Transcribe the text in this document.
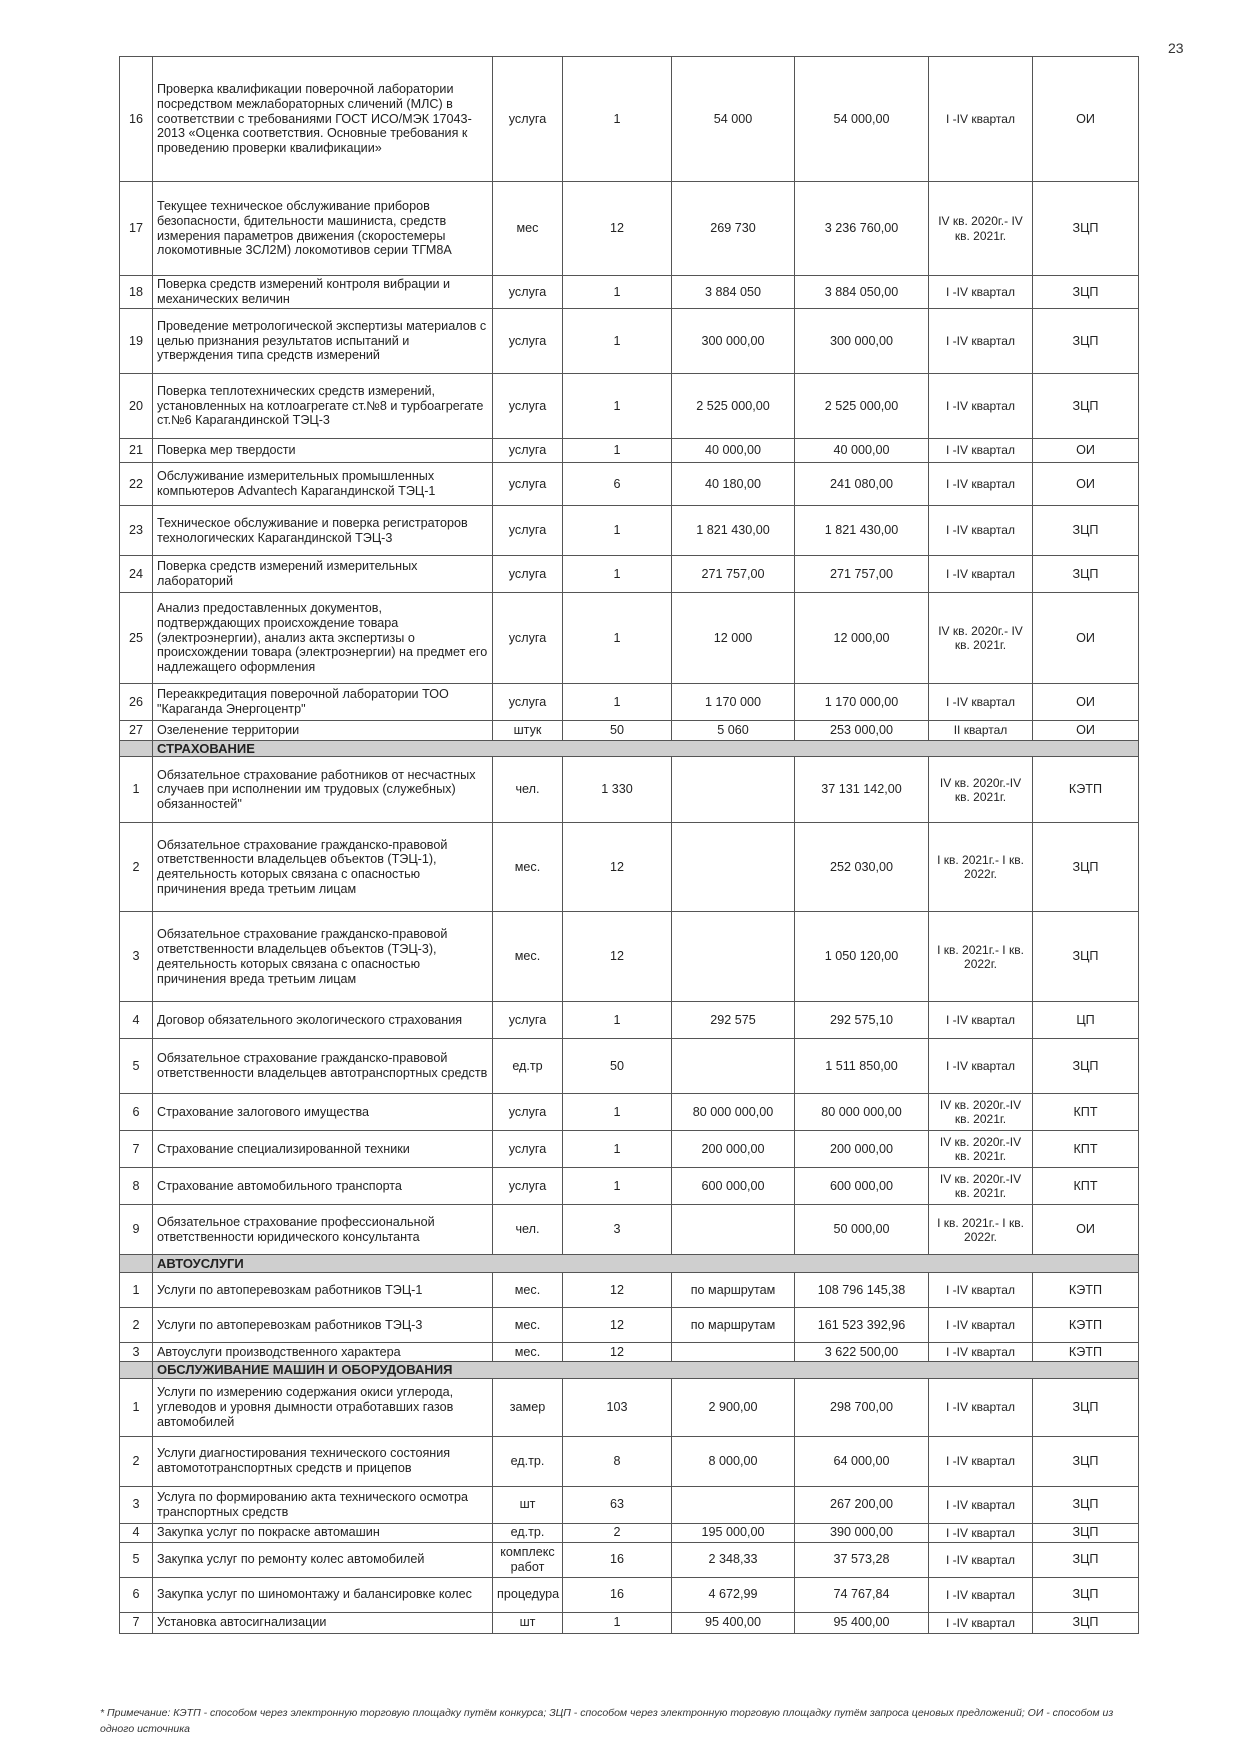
23
16	Проверка квалификации поверочной лаборатории посредством межлабораторных сличений (МЛС) в соответствии с требованиями ГОСТ ИСО/МЭК 17043-2013 «Оценка соответствия. Основные требования к проведению проверки квалификации»	услуга	1	54 000	54 000,00	I -IV квартал	ОИ
17	Текущее техническое обслуживание приборов безопасности, бдительности машиниста, средств измерения параметров движения (скоростемеры локомотивные 3СЛ2М) локомотивов серии ТГМ8А	мес	12	269 730	3 236 760,00	IV кв. 2020г.- IV кв. 2021г.	ЗЦП
18	Поверка средств измерений контроля вибрации и механических величин	услуга	1	3 884 050	3 884 050,00	I -IV квартал	ЗЦП
19	Проведение метрологической экспертизы материалов с целью признания результатов испытаний и утверждения типа средств измерений	услуга	1	300 000,00	300 000,00	I -IV квартал	ЗЦП
20	Поверка теплотехнических средств измерений, установленных на котлоагрегате ст.№8 и турбоагрегате ст.№6 Карагандинской ТЭЦ-3	услуга	1	2 525 000,00	2 525 000,00	I -IV квартал	ЗЦП
21	Поверка мер твердости	услуга	1	40 000,00	40 000,00	I -IV квартал	ОИ
22	Обслуживание измерительных промышленных компьютеров Advantech Карагандинской ТЭЦ-1	услуга	6	40 180,00	241 080,00	I -IV квартал	ОИ
23	Техническое обслуживание и поверка регистраторов технологических Карагандинской ТЭЦ-3	услуга	1	1 821 430,00	1 821 430,00	I -IV квартал	ЗЦП
24	Поверка средств измерений измерительных лабораторий	услуга	1	271 757,00	271 757,00	I -IV квартал	ЗЦП
25	Анализ предоставленных документов, подтверждающих происхождение товара (электроэнергии), анализ акта экспертизы о происхождении товара (электроэнергии) на предмет его надлежащего оформления	услуга	1	12 000	12 000,00	IV кв. 2020г.- IV кв. 2021г.	ОИ
26	Переаккредитация поверочной лаборатории ТОО "Караганда Энергоцентр"	услуга	1	1 170 000	1 170 000,00	I -IV квартал	ОИ
27	Озеленение территории	штук	50	5 060	253 000,00	II квартал	ОИ
	СТРАХОВАНИЕ						
1	Обязательное страхование работников от несчастных случаев при исполнении им трудовых (служебных) обязанностей"	чел.	1 330		37 131 142,00	IV кв. 2020г.-IV кв. 2021г.	КЭТП
2	Обязательное страхование гражданско-правовой ответственности владельцев объектов (ТЭЦ-1), деятельность которых связана с опасностью причинения вреда третьим лицам	мес.	12		252 030,00	I кв. 2021г.- I кв. 2022г.	ЗЦП
3	Обязательное страхование гражданско-правовой ответственности владельцев объектов (ТЭЦ-3), деятельность которых связана с опасностью причинения вреда третьим лицам	мес.	12		1 050 120,00	I кв. 2021г.- I кв. 2022г.	ЗЦП
4	Договор обязательного экологического страхования	услуга	1	292 575	292 575,10	I -IV квартал	ЦП
5	Обязательное страхование гражданско-правовой ответственности владельцев автотранспортных средств	ед.тр	50		1 511 850,00	I -IV квартал	ЗЦП
6	Страхование залогового имущества	услуга	1	80 000 000,00	80 000 000,00	IV кв. 2020г.-IV кв. 2021г.	КПТ
7	Страхование специализированной техники	услуга	1	200 000,00	200 000,00	IV кв. 2020г.-IV кв. 2021г.	КПТ
8	Страхование автомобильного транспорта	услуга	1	600 000,00	600 000,00	IV кв. 2020г.-IV кв. 2021г.	КПТ
9	Обязательное страхование профессиональной ответственности юридического консультанта	чел.	3		50 000,00	I кв. 2021г.- I кв. 2022г.	ОИ
	АВТОУСЛУГИ						
1	Услуги по автоперевозкам работников ТЭЦ-1	мес.	12	по маршрутам	108 796 145,38	I -IV квартал	КЭТП
2	Услуги по автоперевозкам работников ТЭЦ-3	мес.	12	по маршрутам	161 523 392,96	I -IV квартал	КЭТП
3	Автоуслуги производственного характера	мес.	12		3 622 500,00	I -IV квартал	КЭТП
	ОБСЛУЖИВАНИЕ МАШИН И ОБОРУДОВАНИЯ						
1	Услуги по измерению содержания окиси углерода, углеводов и уровня дымности отработавших газов автомобилей	замер	103	2 900,00	298 700,00	I -IV квартал	ЗЦП
2	Услуги диагностирования технического состояния автомототранспортных средств и прицепов	ед.тр.	8	8 000,00	64 000,00	I -IV квартал	ЗЦП
3	Услуга по формированию акта технического осмотра транспортных средств	шт	63		267 200,00	I -IV квартал	ЗЦП
4	Закупка услуг по покраске автомашин	ед.тр.	2	195 000,00	390 000,00	I -IV квартал	ЗЦП
5	Закупка услуг по ремонту колес автомобилей	комплекс работ	16	2 348,33	37 573,28	I -IV квартал	ЗЦП
6	Закупка услуг по шиномонтажу и балансировке колес	процедура	16	4 672,99	74 767,84	I -IV квартал	ЗЦП
7	Установка автосигнализации	шт	1	95 400,00	95 400,00	I -IV квартал	ЗЦП
* Примечание: КЭТП - способом через электронную торговую площадку путём конкурса; ЗЦП - способом через электронную торговую площадку путём запроса ценовых предложений; ОИ - способом из одного источника
